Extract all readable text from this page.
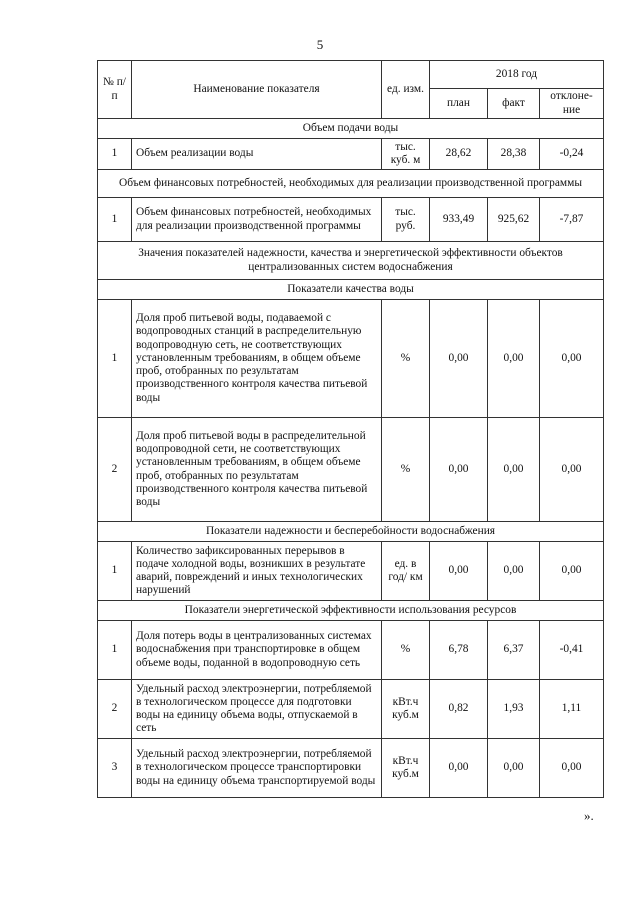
5
№ п/п	Наименование показателя	ед. изм.	2018 год		
			план	факт	отклоне-ние
Объем подачи воды					
1	Объем реализации воды	тыс. куб. м	28,62	28,38	-0,24
Объем финансовых потребностей, необходимых для реализации производственной программы					
1	Объем финансовых потребностей, необходимых для реализации производственной программы	тыс. руб.	933,49	925,62	-7,87
Значения показателей надежности, качества и энергетической эффективности объектов централизованных систем водоснабжения					
Показатели качества воды					
1	Доля проб питьевой воды, подаваемой с водопроводных станций в распределительную водопроводную сеть, не соответствующих установленным требованиям, в общем объеме проб, отобранных по результатам производственного контроля качества питьевой воды	%	0,00	0,00	0,00
2	Доля проб питьевой воды в распределительной водопроводной сети, не соответствующих установленным требованиям, в общем объеме проб, отобранных по результатам производственного контроля качества питьевой воды	%	0,00	0,00	0,00
Показатели надежности и бесперебойности водоснабжения					
1	Количество зафиксированных перерывов в подаче холодной воды, возникших в результате аварий, повреждений и иных технологических нарушений	ед. в год/ км	0,00	0,00	0,00
Показатели энергетической эффективности использования ресурсов					
1	Доля потерь воды в централизованных системах водоснабжения при транспортировке в общем объеме воды, поданной в водопроводную сеть	%	6,78	6,37	-0,41
2	Удельный расход электроэнергии, потребляемой в технологическом процессе для подготовки воды на единицу объема воды, отпускаемой в сеть	кВт.ч куб.м	0,82	1,93	1,11
3	Удельный расход электроэнергии, потребляемой в технологическом процессе транспортировки воды на единицу объема транспортируемой воды	кВт.ч куб.м	0,00	0,00	0,00
».
